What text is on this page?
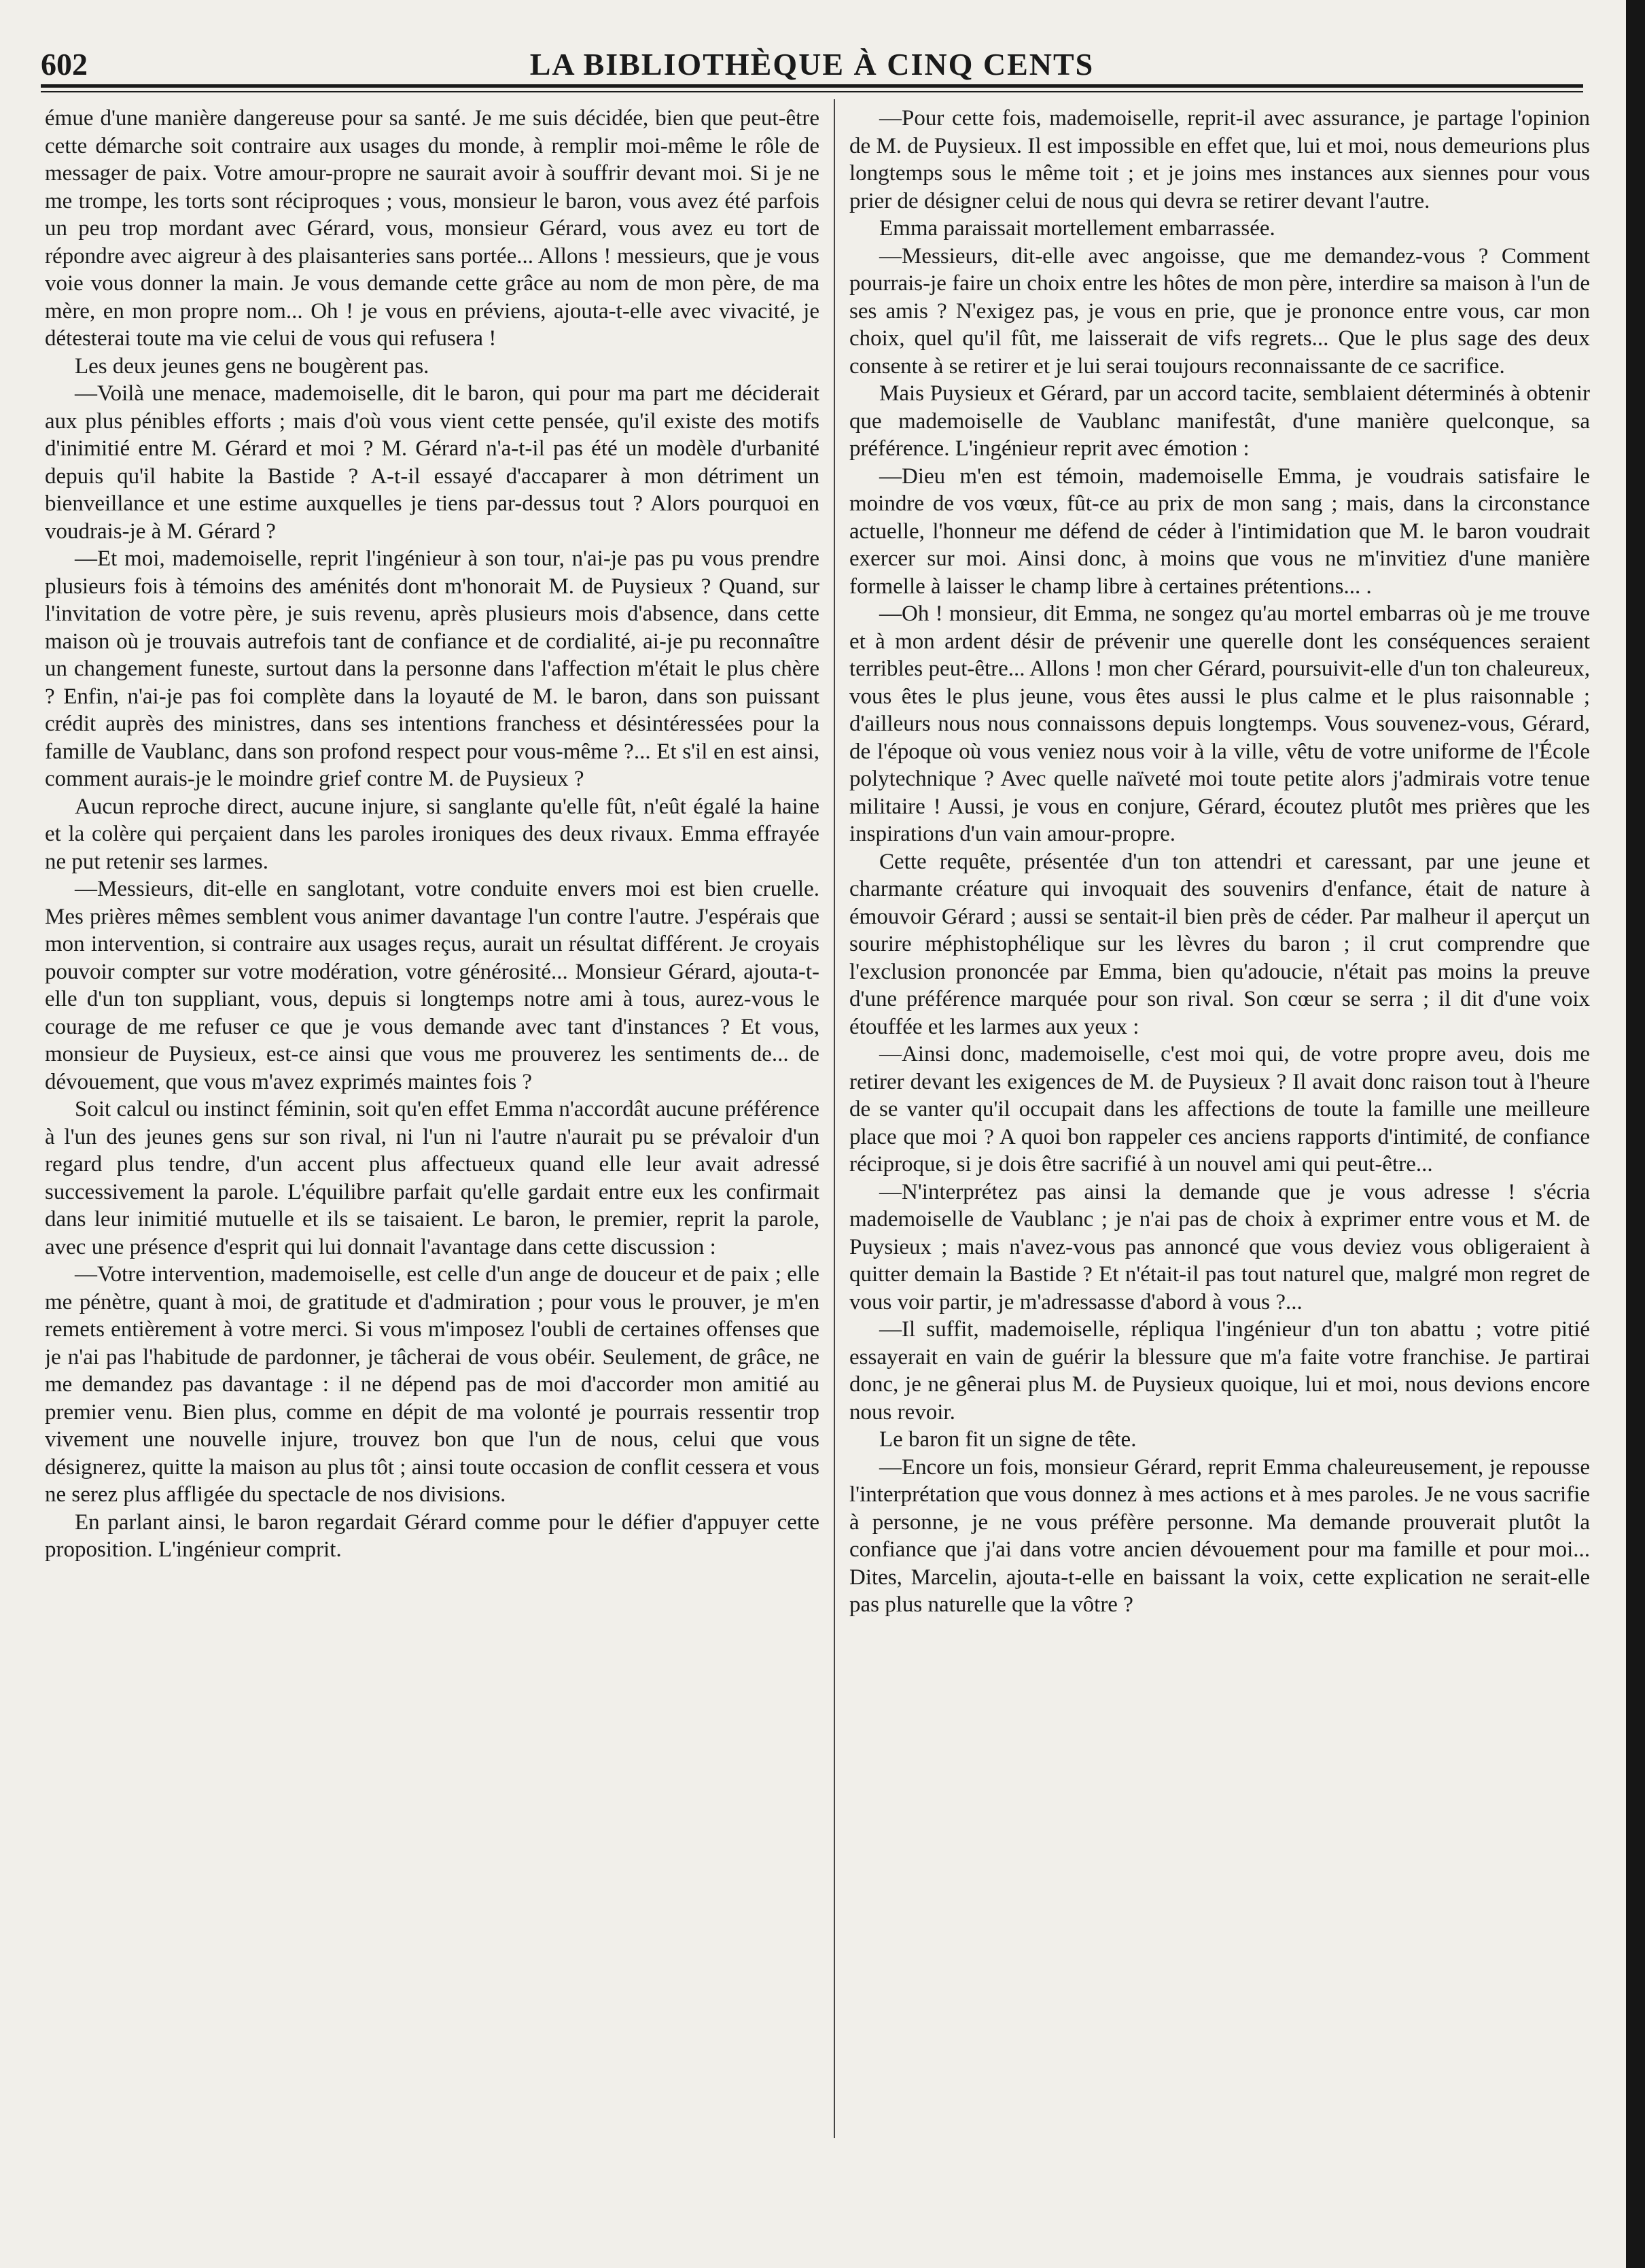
602	LA BIBLIOTHÈQUE À CINQ CENTS

émue d'une manière dangereuse pour sa santé. Je me suis décidée, bien que peut-être cette démarche soit contraire aux usages du monde, à remplir moi-même le rôle de messager de paix. Votre amour-propre ne saurait avoir à souffrir devant moi. Si je ne me trompe, les torts sont réciproques ; vous, monsieur le baron, vous avez été parfois un peu trop mordant avec Gérard, vous, monsieur Gérard, vous avez eu tort de répondre avec aigreur à des plaisanteries sans portée... Allons ! messieurs, que je vous voie vous donner la main. Je vous demande cette grâce au nom de mon père, de ma mère, en mon propre nom... Oh ! je vous en préviens, ajouta-t-elle avec vivacité, je détesterai toute ma vie celui de vous qui refusera !

Les deux jeunes gens ne bougèrent pas.

—Voilà une menace, mademoiselle, dit le baron, qui pour ma part me déciderait aux plus pénibles efforts ; mais d'où vous vient cette pensée, qu'il existe des motifs d'inimitié entre M. Gérard et moi ? M. Gérard n'a-t-il pas été un modèle d'urbanité depuis qu'il habite la Bastide ? A-t-il essayé d'accaparer à mon détriment un bienveillance et une estime auxquelles je tiens par-dessus tout ? Alors pourquoi en voudrais-je à M. Gérard ?

—Et moi, mademoiselle, reprit l'ingénieur à son tour, n'ai-je pas pu vous prendre plusieurs fois à témoins des aménités dont m'honorait M. de Puysieux ? Quand, sur l'invitation de votre père, je suis revenu, après plusieurs mois d'absence, dans cette maison où je trouvais autrefois tant de confiance et de cordialité, ai-je pu reconnaître un changement funeste, surtout dans la personne dans l'affection m'était le plus chère ? Enfin, n'ai-je pas foi complète dans la loyauté de M. le baron, dans son puissant crédit auprès des ministres, dans ses intentions franchess et désintéressées pour la famille de Vaublanc, dans son profond respect pour vous-même ?... Et s'il en est ainsi, comment aurais-je le moindre grief contre M. de Puysieux ?

Aucun reproche direct, aucune injure, si sanglante qu'elle fût, n'eût égalé la haine et la colère qui perçaient dans les paroles ironiques des deux rivaux. Emma effrayée ne put retenir ses larmes.

—Messieurs, dit-elle en sanglotant, votre conduite envers moi est bien cruelle. Mes prières mêmes semblent vous animer davantage l'un contre l'autre. J'espérais que mon intervention, si contraire aux usages reçus, aurait un résultat différent. Je croyais pouvoir compter sur votre modération, votre générosité... Monsieur Gérard, ajouta-t-elle d'un ton suppliant, vous, depuis si longtemps notre ami à tous, aurez-vous le courage de me refuser ce que je vous demande avec tant d'instances ? Et vous, monsieur de Puysieux, est-ce ainsi que vous me prouverez les sentiments de... de dévouement, que vous m'avez exprimés maintes fois ?

Soit calcul ou instinct féminin, soit qu'en effet Emma n'accordât aucune préférence à l'un des jeunes gens sur son rival, ni l'un ni l'autre n'aurait pu se prévaloir d'un regard plus tendre, d'un accent plus affectueux quand elle leur avait adressé successivement la parole. L'équilibre parfait qu'elle gardait entre eux les confirmait dans leur inimitié mutuelle et ils se taisaient. Le baron, le premier, reprit la parole, avec une présence d'esprit qui lui donnait l'avantage dans cette discussion :

—Votre intervention, mademoiselle, est celle d'un ange de douceur et de paix ; elle me pénètre, quant à moi, de gratitude et d'admiration ; pour vous le prouver, je m'en remets entièrement à votre merci. Si vous m'imposez l'oubli de certaines offenses que je n'ai pas l'habitude de pardonner, je tâcherai de vous obéir. Seulement, de grâce, ne me demandez pas davantage : il ne dépend pas de moi d'accorder mon amitié au premier venu. Bien plus, comme en dépit de ma volonté je pourrais ressentir trop vivement une nouvelle injure, trouvez bon que l'un de nous, celui que vous désignerez, quitte la maison au plus tôt ; ainsi toute occasion de conflit cessera et vous ne serez plus affligée du spectacle de nos divisions.

En parlant ainsi, le baron regardait Gérard comme pour le défier d'appuyer cette proposition. L'ingénieur comprit.

—Pour cette fois, mademoiselle, reprit-il avec assurance, je partage l'opinion de M. de Puysieux. Il est impossible en effet que, lui et moi, nous demeurions plus longtemps sous le même toit ; et je joins mes instances aux siennes pour vous prier de désigner celui de nous qui devra se retirer devant l'autre.

Emma paraissait mortellement embarrassée.

—Messieurs, dit-elle avec angoisse, que me demandez-vous ? Comment pourrais-je faire un choix entre les hôtes de mon père, interdire sa maison à l'un de ses amis ? N'exigez pas, je vous en prie, que je prononce entre vous, car mon choix, quel qu'il fût, me laisserait de vifs regrets... Que le plus sage des deux consente à se retirer et je lui serai toujours reconnaissante de ce sacrifice.

Mais Puysieux et Gérard, par un accord tacite, semblaient déterminés à obtenir que mademoiselle de Vaublanc manifestât, d'une manière quelconque, sa préférence. L'ingénieur reprit avec émotion :

—Dieu m'en est témoin, mademoiselle Emma, je voudrais satisfaire le moindre de vos vœux, fût-ce au prix de mon sang ; mais, dans la circonstance actuelle, l'honneur me défend de céder à l'intimidation que M. le baron voudrait exercer sur moi. Ainsi donc, à moins que vous ne m'invitiez d'une manière formelle à laisser le champ libre à certaines prétentions... .

—Oh ! monsieur, dit Emma, ne songez qu'au mortel embarras où je me trouve et à mon ardent désir de prévenir une querelle dont les conséquences seraient terribles peut-être... Allons ! mon cher Gérard, poursuivit-elle d'un ton chaleureux, vous êtes le plus jeune, vous êtes aussi le plus calme et le plus raisonnable ; d'ailleurs nous nous connaissons depuis longtemps. Vous souvenez-vous, Gérard, de l'époque où vous veniez nous voir à la ville, vêtu de votre uniforme de l'École polytechnique ? Avec quelle naïveté moi toute petite alors j'admirais votre tenue militaire ! Aussi, je vous en conjure, Gérard, écoutez plutôt mes prières que les inspirations d'un vain amour-propre.

Cette requête, présentée d'un ton attendri et caressant, par une jeune et charmante créature qui invoquait des souvenirs d'enfance, était de nature à émouvoir Gérard ; aussi se sentait-il bien près de céder. Par malheur il aperçut un sourire méphistophélique sur les lèvres du baron ; il crut comprendre que l'exclusion prononcée par Emma, bien qu'adoucie, n'était pas moins la preuve d'une préférence marquée pour son rival. Son cœur se serra ; il dit d'une voix étouffée et les larmes aux yeux :

—Ainsi donc, mademoiselle, c'est moi qui, de votre propre aveu, dois me retirer devant les exigences de M. de Puysieux ? Il avait donc raison tout à l'heure de se vanter qu'il occupait dans les affections de toute la famille une meilleure place que moi ? A quoi bon rappeler ces anciens rapports d'intimité, de confiance réciproque, si je dois être sacrifié à un nouvel ami qui peut-être...

—N'interprétez pas ainsi la demande que je vous adresse ! s'écria mademoiselle de Vaublanc ; je n'ai pas de choix à exprimer entre vous et M. de Puysieux ; mais n'avez-vous pas annoncé que vous deviez vous obligeraient à quitter demain la Bastide ? Et n'était-il pas tout naturel que, malgré mon regret de vous voir partir, je m'adressasse d'abord à vous ?...

—Il suffit, mademoiselle, répliqua l'ingénieur d'un ton abattu ; votre pitié essayerait en vain de guérir la blessure que m'a faite votre franchise. Je partirai donc, je ne gênerai plus M. de Puysieux quoique, lui et moi, nous devions encore nous revoir.

Le baron fit un signe de tête.

—Encore un fois, monsieur Gérard, reprit Emma chaleureusement, je repousse l'interprétation que vous donnez à mes actions et à mes paroles. Je ne vous sacrifie à personne, je ne vous préfère personne. Ma demande prouverait plutôt la confiance que j'ai dans votre ancien dévouement pour ma famille et pour moi... Dites, Marcelin, ajouta-t-elle en baissant la voix, cette explication ne serait-elle pas plus naturelle que la vôtre ?
